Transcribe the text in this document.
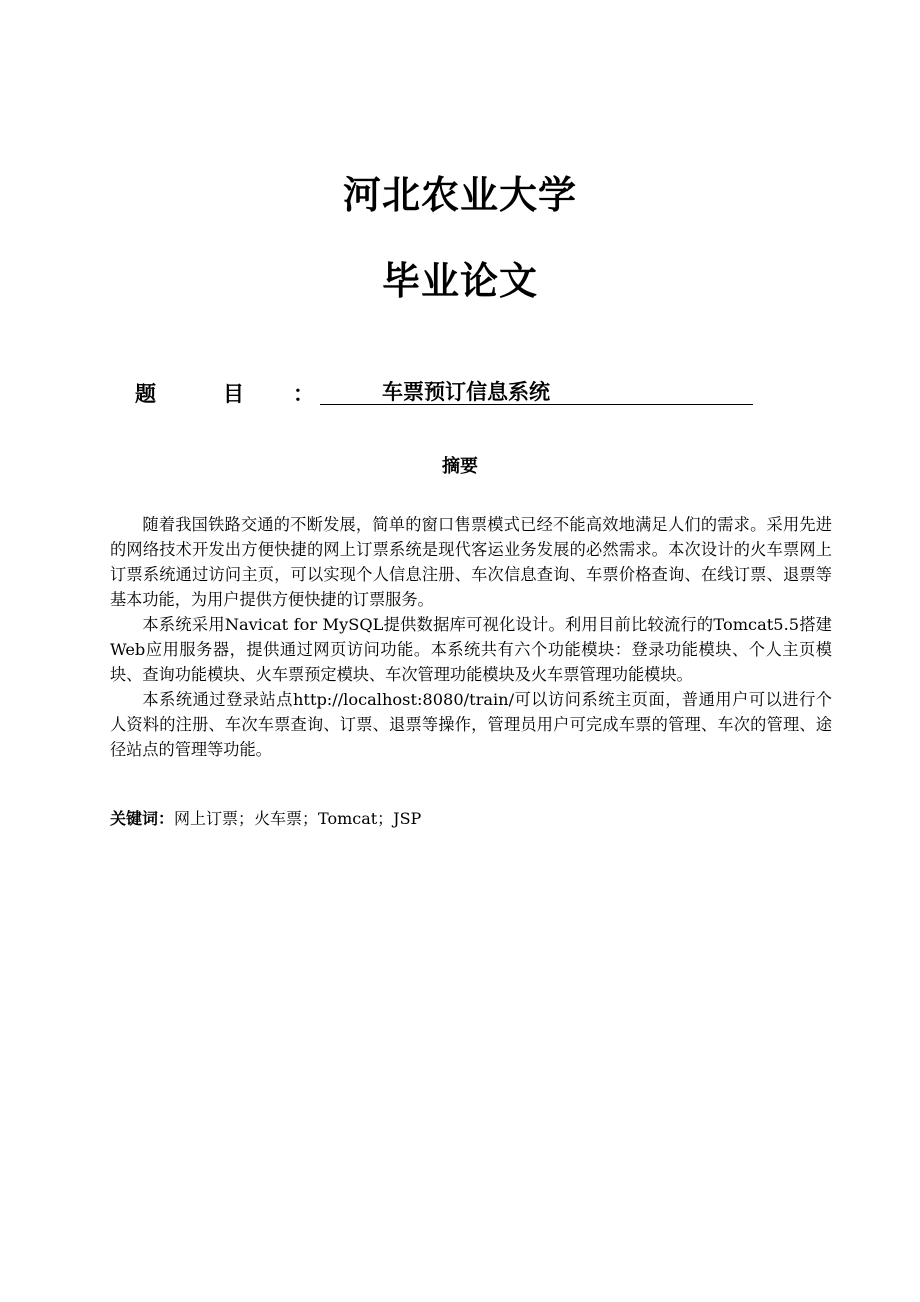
河北农业大学
毕业论文
题	目 ：	车票预订信息系统
摘要

随着我国铁路交通的不断发展，简单的窗口售票模式已经不能高效地满足人们的需求。采用先进的网络技术开发出方便快捷的网上订票系统是现代客运业务发展的必然需求。本次设计的火车票网上订票系统通过访问主页，可以实现个人信息注册、车次信息查询、车票价格查询、在线订票、退票等基本功能，为用户提供方便快捷的订票服务。

本系统采用Navicat for MySQL提供数据库可视化设计。利用目前比较流行的Tomcat5.5搭建Web应用服务器，提供通过网页访问功能。本系统共有六个功能模块：登录功能模块、个人主页模块、查询功能模块、火车票预定模块、车次管理功能模块及火车票管理功能模块。

本系统通过登录站点http://localhost:8080/train/可以访问系统主页面，普通用户可以进行个人资料的注册、车次车票查询、订票、退票等操作，管理员用户可完成车票的管理、车次的管理、途径站点的管理等功能。

关键词：网上订票；火车票；Tomcat；JSP
